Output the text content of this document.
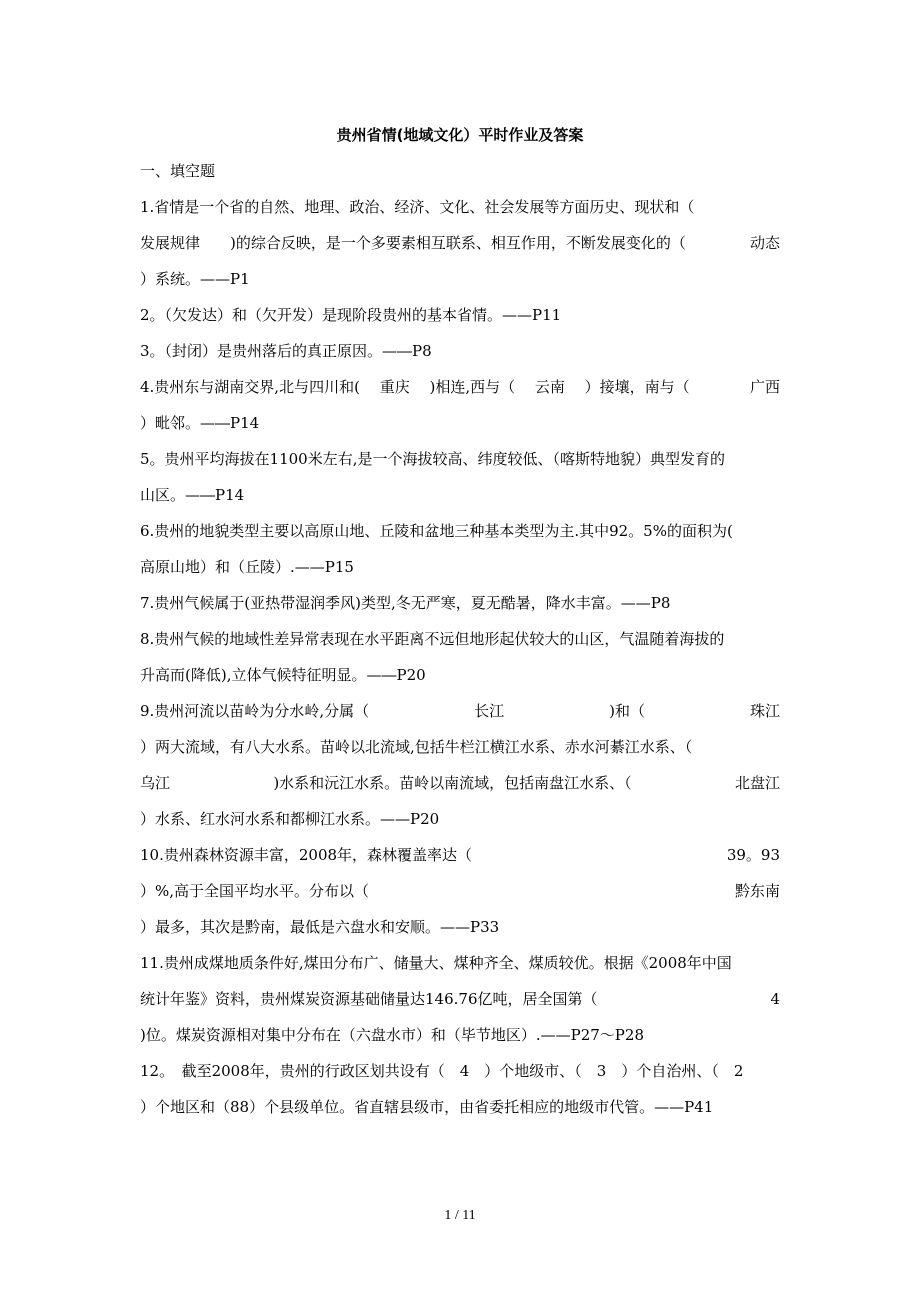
贵州省情(地域文化）平时作业及答案
一、填空题
1.省情是一个省的自然、地理、政治、经济、文化、社会发展等方面历史、现状和（
发展规律　　)的综合反映，是一个多要素相互联系、相互作用，不断发展变化的（	动态
）系统。——P1
2。（欠发达）和（欠开发）是现阶段贵州的基本省情。——P11
3。（封闭）是贵州落后的真正原因。—―P8
4.贵州东与湖南交界,北与四川和(　 重庆 　)相连,西与（　 云南 　）接壤，南与（	广西
）毗邻。—―P14
5。贵州平均海拔在1100米左右,是一个海拔较高、纬度较低、（喀斯特地貌）典型发育的
山区。—―P14
6.贵州的地貌类型主要以高原山地、丘陵和盆地三种基本类型为主.其中92。5%的面积为(
高原山地）和（丘陵）.——P15
7.贵州气候属于(亚热带湿润季风)类型,冬无严寒，夏无酷暑，降水丰富。——P8
8.贵州气候的地域性差异常表现在水平距离不远但地形起伏较大的山区，气温随着海拔的
升高而(降低),立体气候特征明显。—―P20
9.贵州河流以苗岭为分水岭,分属（	长江	)和（	珠江
）两大流域，有八大水系。苗岭以北流域,包括牛栏江横江水系、赤水河綦江水系、（
乌江	)水系和沅江水系。苗岭以南流域，包括南盘江水系、（	北盘江
）水系、红水河水系和都柳江水系。——P20
10.贵州森林资源丰富，2008年，森林覆盖率达（	39。93
）%,高于全国平均水平。分布以（	黔东南
）最多，其次是黔南，最低是六盘水和安顺。——P33
11.贵州成煤地质条件好,煤田分布广、储量大、煤种齐全、煤质较优。根据《2008年中国
统计年鉴》资料，贵州煤炭资源基础储量达146.76亿吨，居全国第（	4
)位。煤炭资源相对集中分布在（六盘水市）和（毕节地区）.——P27～P28
12。　截至2008年，贵州的行政区划共设有（　4　）个地级市、（　3　）个自治州、（　2
）个地区和（88）个县级单位。省直辖县级市，由省委托相应的地级市代管。——P41
1 / 11
